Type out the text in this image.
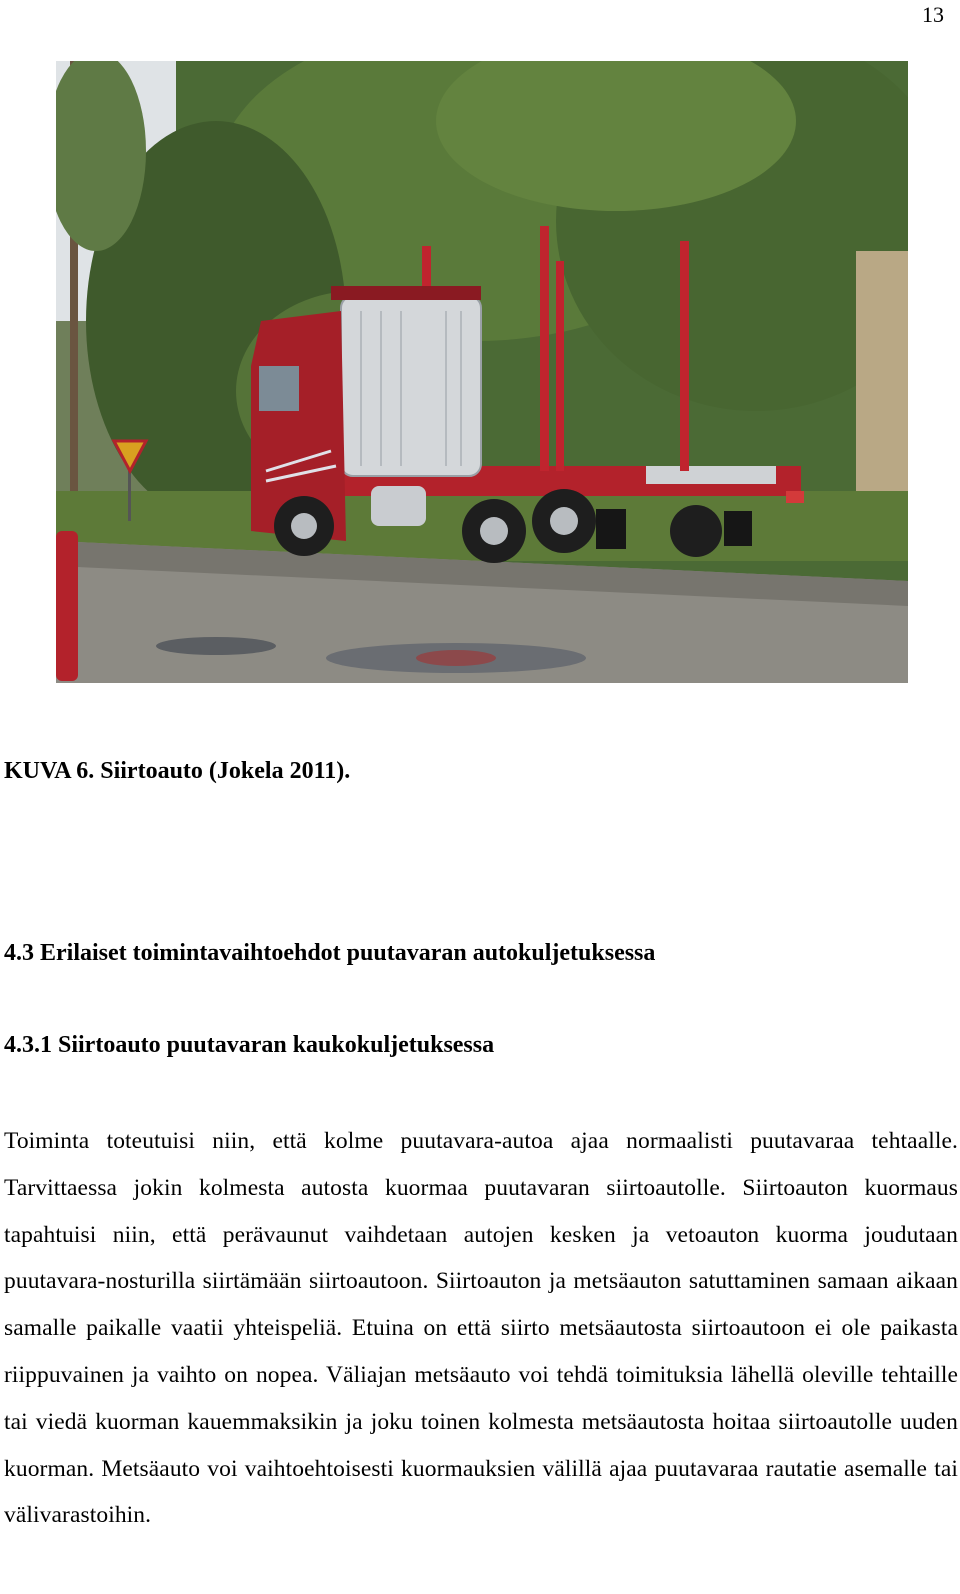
13
KUVA 6. Siirtoauto (Jokela 2011).
4.3 Erilaiset toimintavaihtoehdot puutavaran autokuljetuksessa
4.3.1 Siirtoauto puutavaran kaukokuljetuksessa

Toiminta toteutuisi niin, että kolme puutavara-autoa ajaa normaalisti puutavaraa tehtaalle. Tarvittaessa jokin kolmesta autosta kuormaa puutavaran siirtoautolle. Siirtoauton kuormaus tapahtuisi niin, että perävaunut vaihdetaan autojen kesken ja vetoauton kuorma joudutaan puutavara-nosturilla siirtämään siirtoautoon. Siirtoauton ja metsäauton satuttaminen samaan aikaan samalle paikalle vaatii yhteispeliä. Etuina on että siirto metsäautosta siirtoautoon ei ole paikasta riippuvainen ja vaihto on nopea. Väliajan metsäauto voi tehdä toimituksia lähellä oleville tehtaille tai viedä kuorman kauemmaksikin ja joku toinen kolmesta metsäautosta hoitaa siirtoautolle uuden kuorman. Metsäauto voi vaihtoehtoisesti kuormauksien välillä ajaa puutavaraa rautatie asemalle tai välivarastoihin.
